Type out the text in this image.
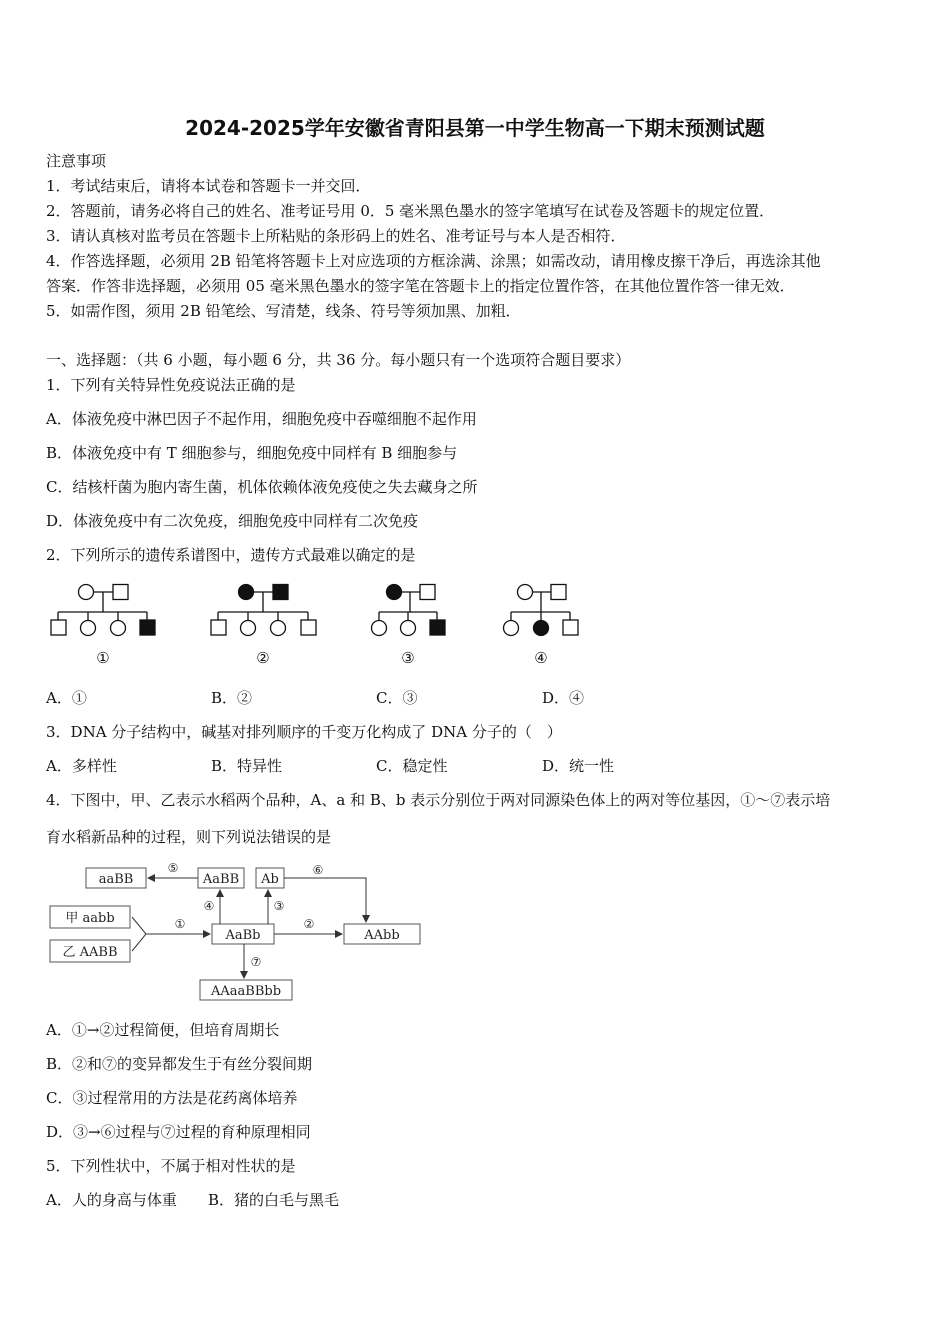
2024-2025学年安徽省青阳县第一中学生物高一下期末预测试题
注意事项
1．考试结束后，请将本试卷和答题卡一并交回．
2．答题前，请务必将自己的姓名、准考证号用 0．5 毫米黑色墨水的签字笔填写在试卷及答题卡的规定位置．
3．请认真核对监考员在答题卡上所粘贴的条形码上的姓名、准考证号与本人是否相符．
4．作答选择题，必须用 2B 铅笔将答题卡上对应选项的方框涂满、涂黑；如需改动，请用橡皮擦干净后，再选涂其他
答案．作答非选择题，必须用 05 毫米黑色墨水的签字笔在答题卡上的指定位置作答，在其他位置作答一律无效．
5．如需作图，须用 2B 铅笔绘、写清楚，线条、符号等须加黑、加粗．
一、选择题：（共 6 小题，每小题 6 分，共 36 分。每小题只有一个选项符合题目要求）
1．下列有关特异性免疫说法正确的是
A．体液免疫中淋巴因子不起作用，细胞免疫中吞噬细胞不起作用
B．体液免疫中有 T 细胞参与，细胞免疫中同样有 B 细胞参与
C．结核杆菌为胞内寄生菌，机体依赖体液免疫使之失去藏身之所
D．体液免疫中有二次免疫，细胞免疫中同样有二次免疫
2．下列所示的遗传系谱图中，遗传方式最难以确定的是
①	②	③	④
A．①	B．②	C．③	D．④
3．DNA 分子结构中，碱基对排列顺序的千变万化构成了 DNA 分子的（　）
A．多样性	B．特异性	C．稳定性	D．统一性
4．下图中，甲、乙表示水稻两个品种，A、a 和 B、b 表示分别位于两对同源染色体上的两对等位基因，①～⑦表示培
育水稻新品种的过程，则下列说法错误的是
aaBB	AaBB Ab
甲 aabb
乙 AABB
AaBb	AAbb
AAaaBBbb
①	②
③
④
⑤	⑥
⑦
A．①→②过程简便，但培育周期长
B．②和⑦的变异都发生于有丝分裂间期
C．③过程常用的方法是花药离体培养
D．③→⑥过程与⑦过程的育种原理相同
5．下列性状中，不属于相对性状的是
A．人的身高与体重 B．猪的白毛与黑毛
